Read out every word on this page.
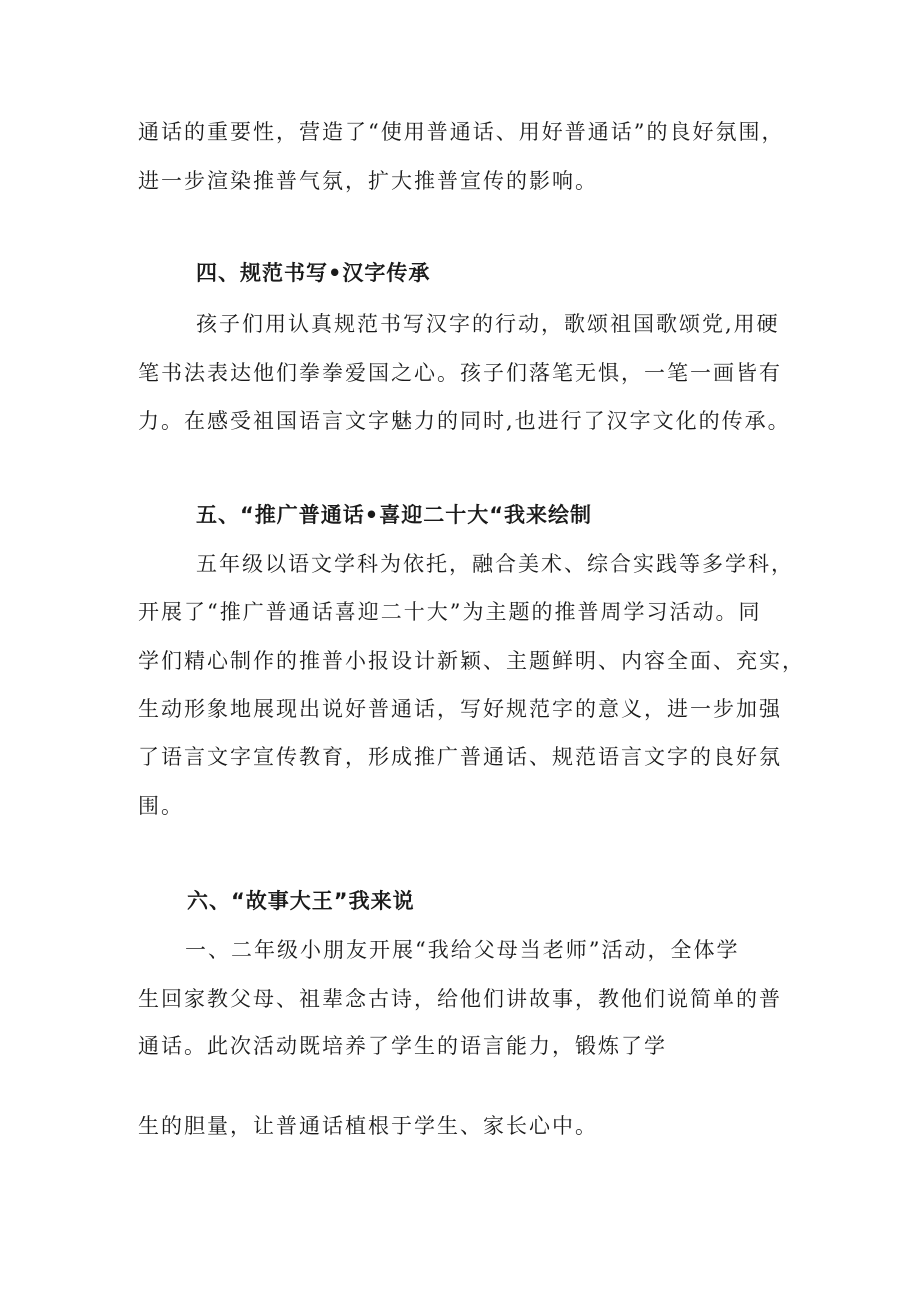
通话的重要性，营造了“使用普通话、用好普通话”的良好氛围，
进一步渲染推普气氛，扩大推普宣传的影响。
四、规范书写•汉字传承
孩子们用认真规范书写汉字的行动，歌颂祖国歌颂党,用硬
笔书法表达他们拳拳爱国之心。孩子们落笔无惧，一笔一画皆有
力。在感受祖国语言文字魅力的同时,也进行了汉字文化的传承。
五、“推广普通话•喜迎二十大“我来绘制
五年级以语文学科为依托，融合美术、综合实践等多学科，
开展了“推广普通话喜迎二十大”为主题的推普周学习活动。同
学们精心制作的推普小报设计新颖、主题鲜明、内容全面、充实，
生动形象地展现出说好普通话，写好规范字的意义，进一步加强
了语言文字宣传教育，形成推广普通话、规范语言文字的良好氛
围。
六、“故事大王”我来说
一、二年级小朋友开展“我给父母当老师”活动，全体学
生回家教父母、祖辈念古诗，给他们讲故事，教他们说简单的普
通话。此次活动既培养了学生的语言能力，锻炼了学
生的胆量，让普通话植根于学生、家长心中。
